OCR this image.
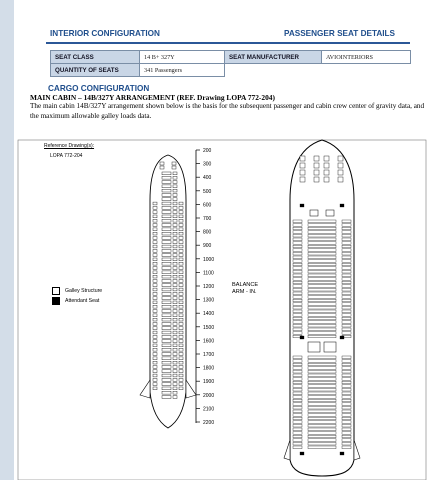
INTERIOR CONFIGURATION	PASSENGER SEAT DETAILS
SEAT CLASS	14 B+ 327Y	SEAT MANUFACTURER	AVIOINTERIORS
QUANTITY OF SEATS	341 Passengers		
CARGO CONFIGURATION
MAIN CABIN – 14B/327Y ARRANGEMENT (REF. Drawing LOPA 772-204)
The main cabin 14B/327Y arrangement shown below is the basis for the subsequent passenger and cabin crew center of gravity data, and the maximum allowable galley loads data.
200
300
400
500
600
700
800
900
1000
1100
1200
1300
1400
1500
1600
1700
1800
1900
2000
2100
2200
Reference Drawing(s):
LOPA 772-204
Galley Structure
Attendant Seat
BALANCE
ARM - IN.
